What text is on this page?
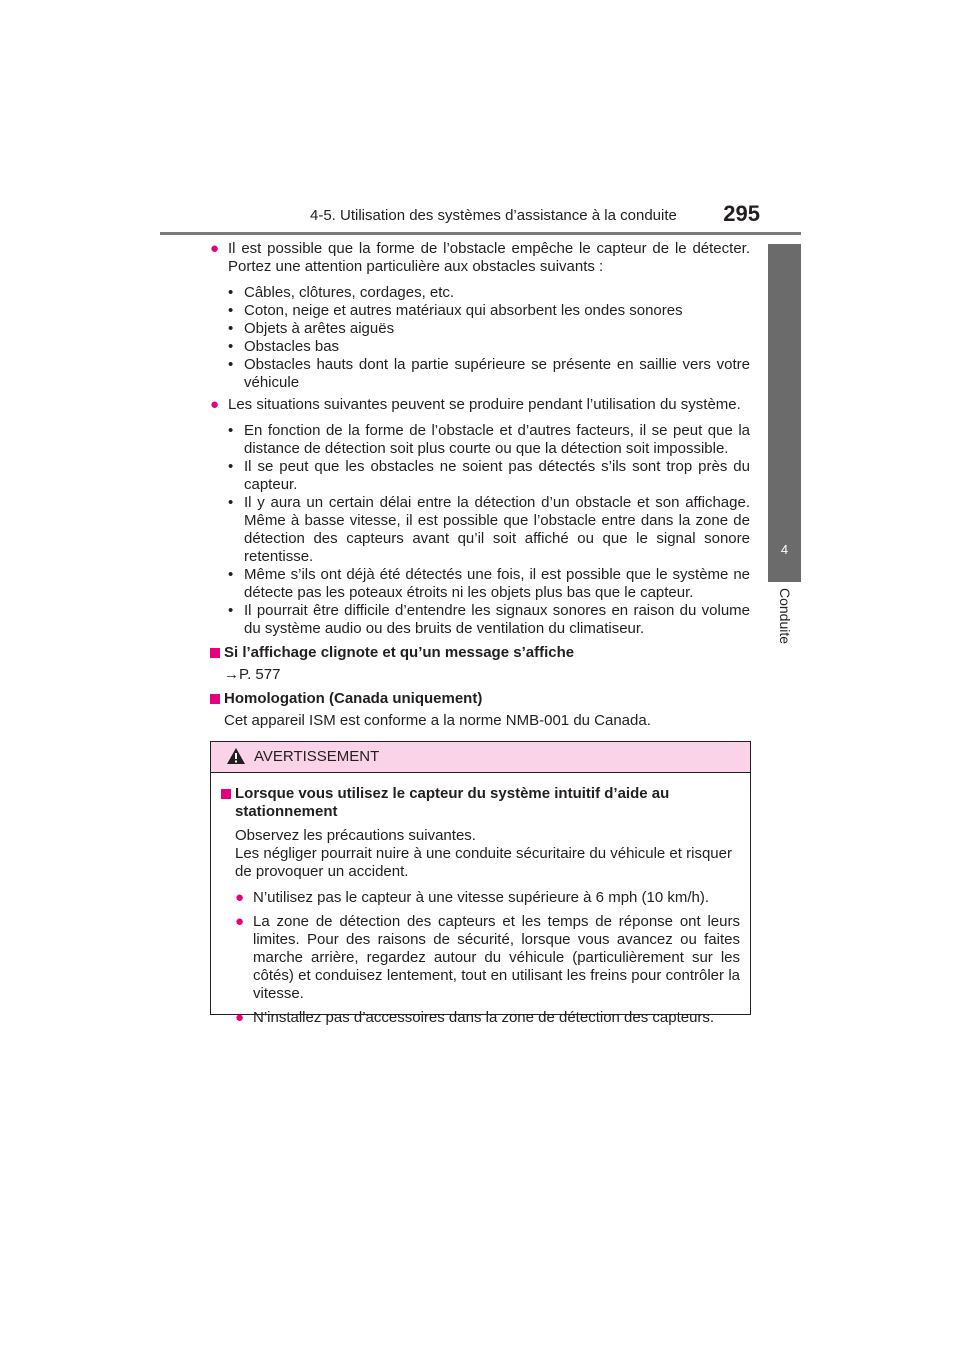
4-5. Utilisation des systèmes d’assistance à la conduite 295
4
Conduite
● Il est possible que la forme de l’obstacle empêche le capteur de le détecter. Portez une attention particulière aux obstacles suivants :
• Câbles, clôtures, cordages, etc.
• Coton, neige et autres matériaux qui absorbent les ondes sonores
• Objets à arêtes aiguës
• Obstacles bas
• Obstacles hauts dont la partie supérieure se présente en saillie vers votre véhicule
● Les situations suivantes peuvent se produire pendant l’utilisation du système.
• En fonction de la forme de l’obstacle et d’autres facteurs, il se peut que la distance de détection soit plus courte ou que la détection soit impossible.
• Il se peut que les obstacles ne soient pas détectés s’ils sont trop près du capteur.
• Il y aura un certain délai entre la détection d’un obstacle et son affichage. Même à basse vitesse, il est possible que l’obstacle entre dans la zone de détection des capteurs avant qu’il soit affiché ou que le signal sonore retentisse.
• Même s’ils ont déjà été détectés une fois, il est possible que le système ne détecte pas les poteaux étroits ni les objets plus bas que le capteur.
• Il pourrait être difficile d’entendre les signaux sonores en raison du volume du système audio ou des bruits de ventilation du climatiseur.
Si l’affichage clignote et qu’un message s’affiche
→P. 577
Homologation (Canada uniquement)
Cet appareil ISM est conforme a la norme NMB-001 du Canada.
AVERTISSEMENT
Lorsque vous utilisez le capteur du système intuitif d’aide au stationnement
Observez les précautions suivantes.
Les négliger pourrait nuire à une conduite sécuritaire du véhicule et risquer de provoquer un accident.
● N’utilisez pas le capteur à une vitesse supérieure à 6 mph (10 km/h).
● La zone de détection des capteurs et les temps de réponse ont leurs limites. Pour des raisons de sécurité, lorsque vous avancez ou faites marche arrière, regardez autour du véhicule (particulièrement sur les côtés) et conduisez lentement, tout en utilisant les freins pour contrôler la vitesse.
● N’installez pas d’accessoires dans la zone de détection des capteurs.
